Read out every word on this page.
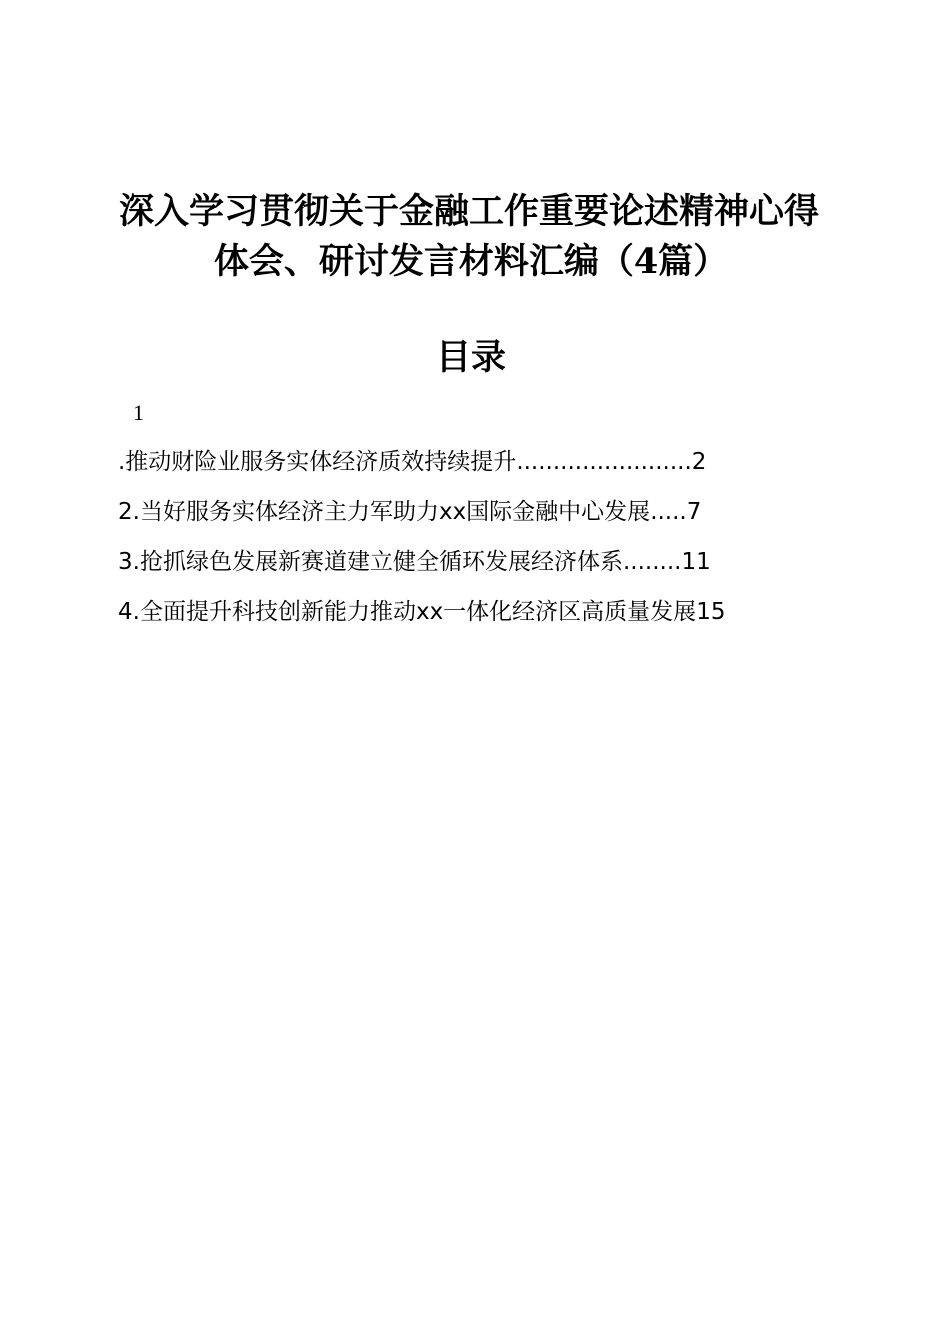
深入学习贯彻关于金融工作重要论述精神心得
体会、研讨发言材料汇编（4篇）
目录
1
.推动财险业服务实体经济质效持续提升........................2
2.当好服务实体经济主力军助力xx国际金融中心发展.....7
3.抢抓绿色发展新赛道建立健全循环发展经济体系........11
4.全面提升科技创新能力推动xx一体化经济区高质量发展15
